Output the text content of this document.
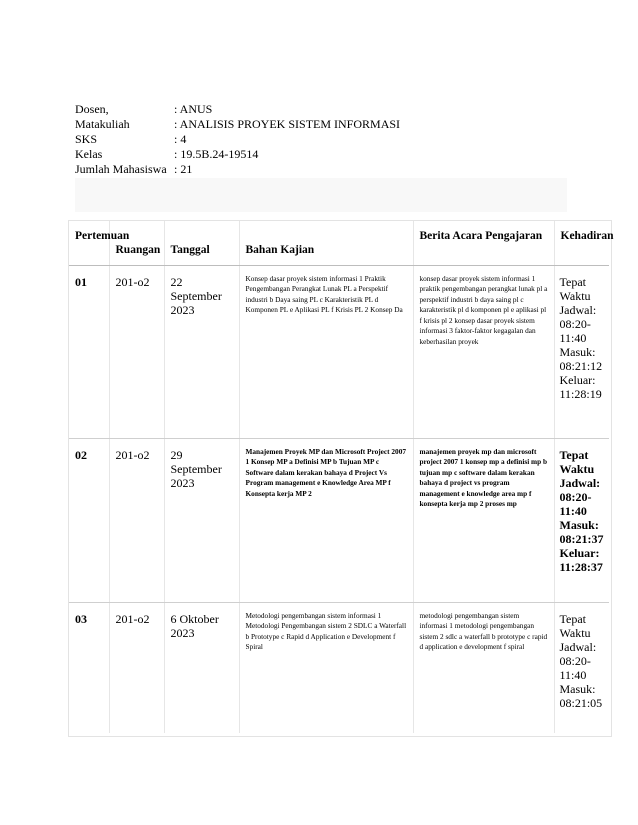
Dosen,	: ANUS
Matakuliah	: ANALISIS PROYEK SISTEM INFORMASI
SKS	: 4
Kelas	: 19.5B.24-19514
Jumlah Mahasiswa : 21
Pertemuan	Ruangan	Tanggal	Bahan Kajian	Berita Acara Pengajaran	Kehadiran

01	201-o2	22 September 2023	Konsep dasar proyek sistem informasi 1 Praktik Pengembangan Perangkat Lunak PL a Perspektif industri b Daya saing PL c Karakteristik PL d Komponen PL e Aplikasi PL f Krisis PL 2 Konsep Da	konsep dasar proyek sistem informasi 1 praktik pengembangan perangkat lunak pl a perspektif industri b daya saing pl c karakteristik pl d komponen pl e aplikasi pl f krisis pl 2 konsep dasar proyek sistem informasi 3 faktor-faktor kegagalan dan keberhasilan proyek	Tepat Waktu Jadwal: 08:20-11:40 Masuk: 08:21:12 Keluar: 11:28:19

02	201-o2	29 September 2023	Manajemen Proyek MP dan Microsoft Project 2007 1 Konsep MP a Definisi MP b Tujuan MP c Software dalam kerakan bahaya d Project Vs Program management e Knowledge Area MP f Konsepta kerja MP 2	manajemen proyek mp dan microsoft project 2007 1 konsep mp a definisi mp b tujuan mp c software dalam kerakan bahaya d project vs program management e knowledge area mp f konsepta kerja mp 2 proses mp	Tepat Waktu Jadwal: 08:20-11:40 Masuk: 08:21:37 Keluar: 11:28:37

03	201-o2	6 Oktober 2023	Metodologi pengembangan sistem informasi 1 Metodologi Pengembangan sistem 2 SDLC a Waterfall b Prototype c Rapid d Application e Development f Spiral	metodologi pengembangan sistem informasi 1 metodologi pengembangan sistem 2 sdlc a waterfall b prototype c rapid d application e development f spiral	Tepat Waktu Jadwal: 08:20-11:40 Masuk: 08:21:05
